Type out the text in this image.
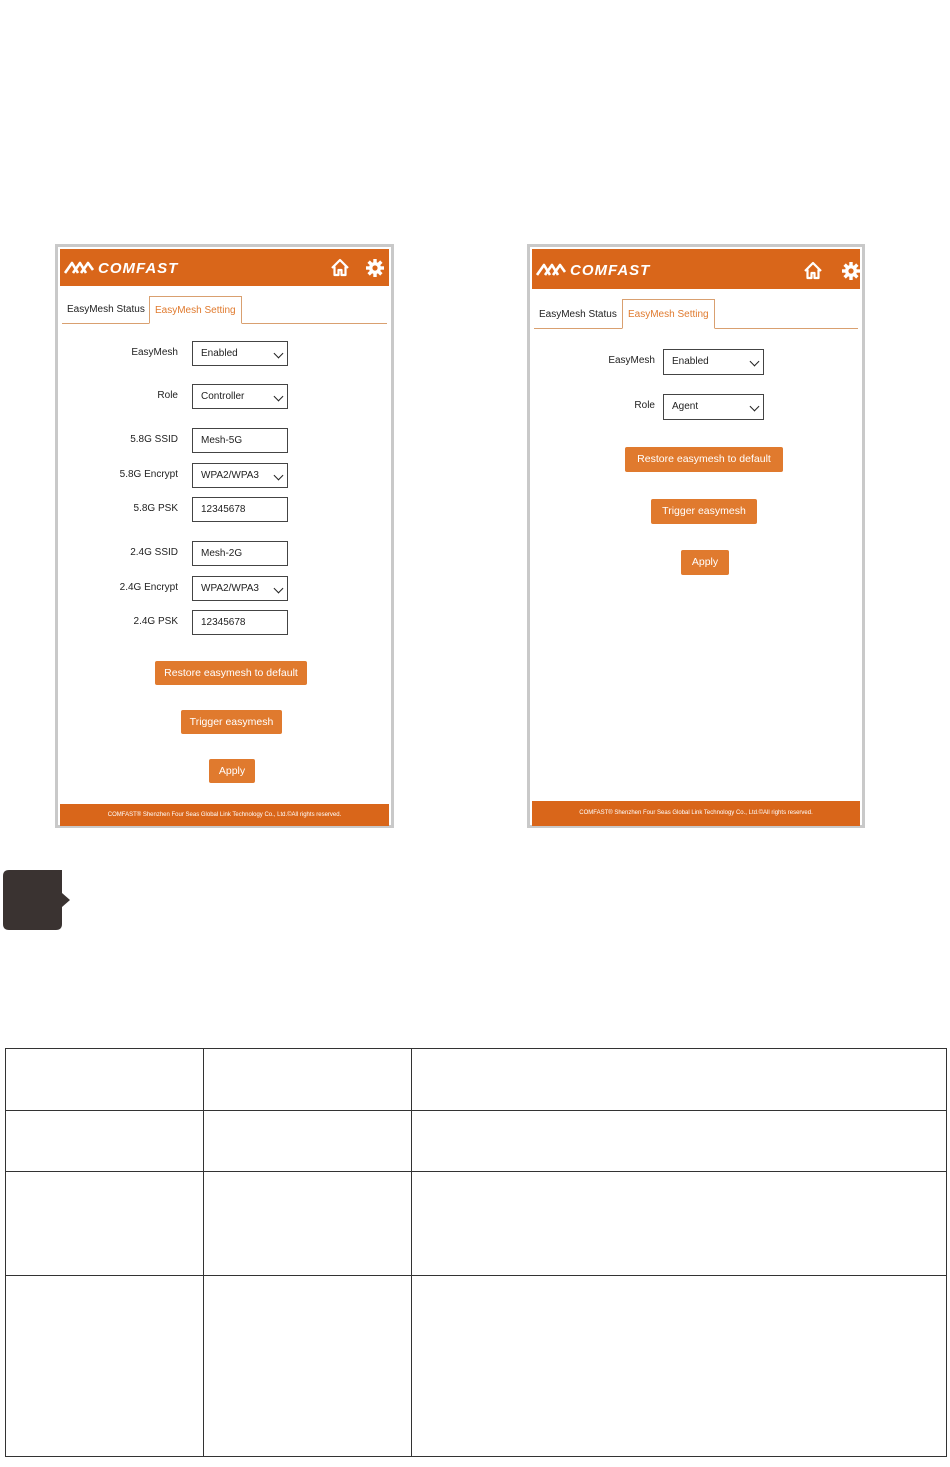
COMFAST
EasyMesh Status	EasyMesh Setting
EasyMesh	Enabled
Role	Controller
5.8G SSID	Mesh-5G
5.8G Encrypt	WPA2/WPA3
5.8G PSK	12345678
2.4G SSID	Mesh-2G
2.4G Encrypt	WPA2/WPA3
2.4G PSK	12345678
Restore easymesh to default
Trigger easymesh
Apply
COMFAST® Shenzhen Four Seas Global Link Technology Co., Ltd.©All rights reserved.
COMFAST
EasyMesh Status	EasyMesh Setting
EasyMesh	Enabled
Role	Agent
Restore easymesh to default
Trigger easymesh
Apply
COMFAST® Shenzhen Four Seas Global Link Technology Co., Ltd.©All rights reserved.
